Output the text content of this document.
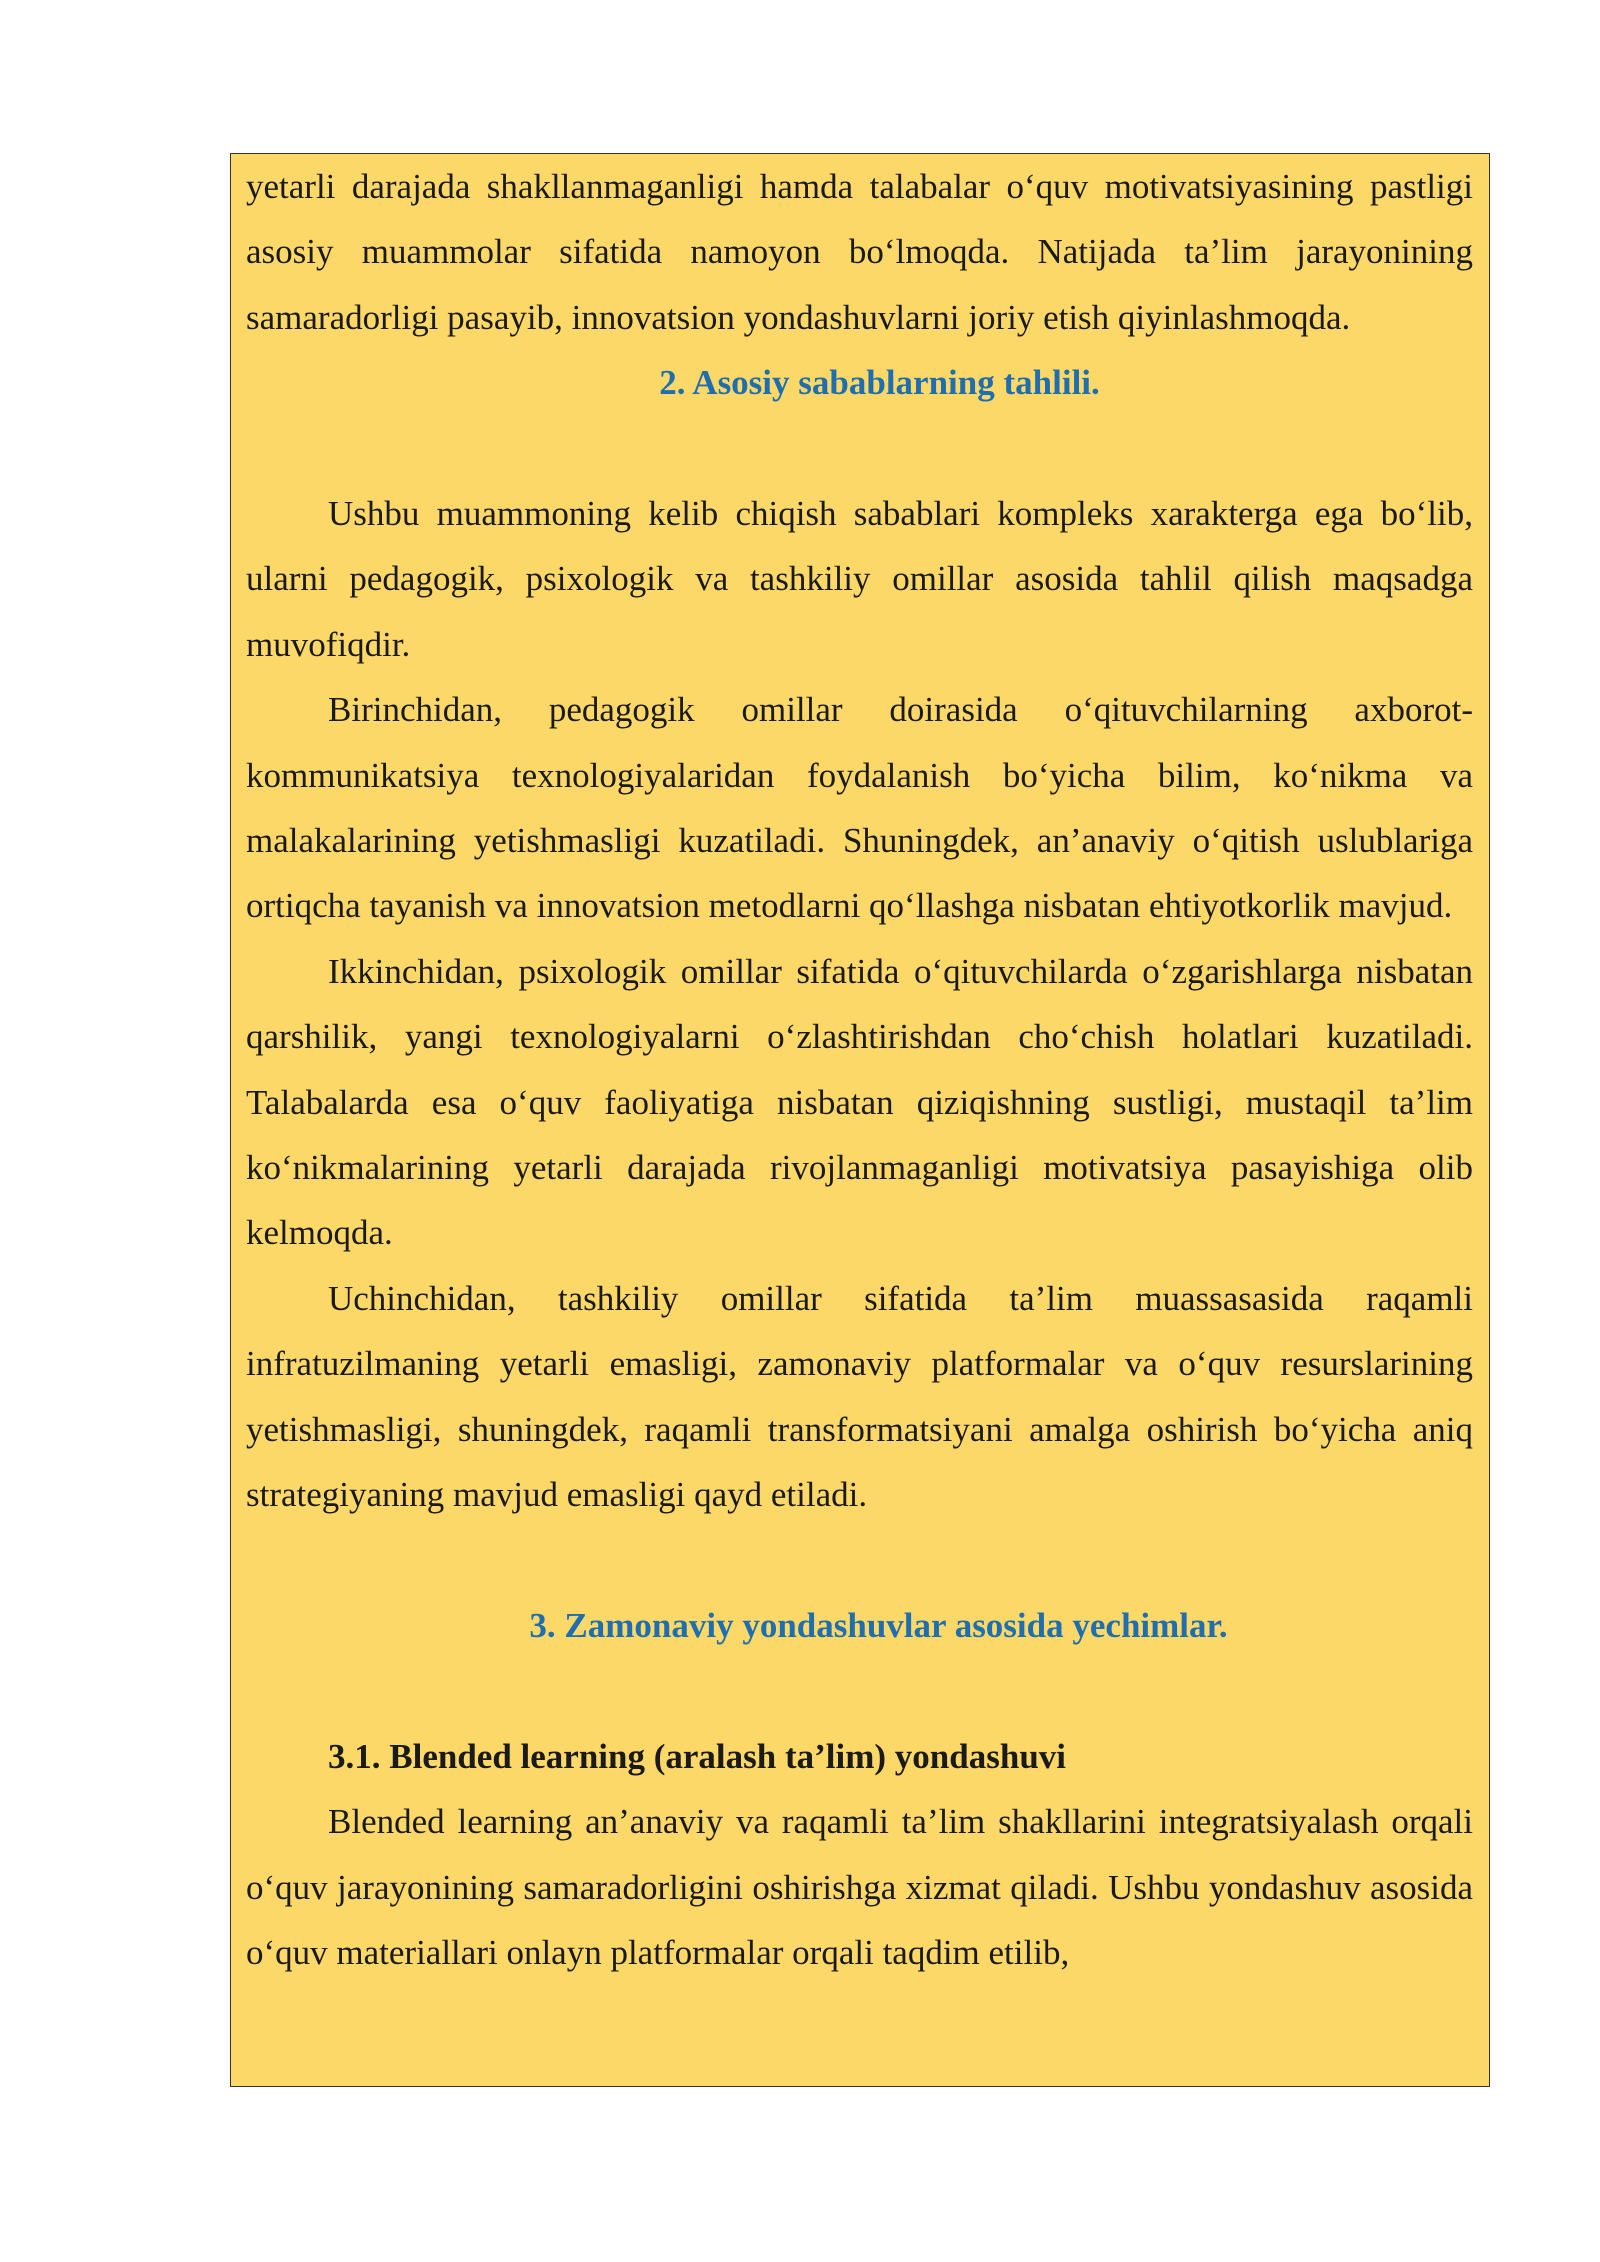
yetarli darajada shakllanmaganligi hamda talabalar o‘quv motivatsiyasining pastligi asosiy muammolar sifatida namoyon bo‘lmoqda. Natijada ta’lim jarayonining samaradorligi pasayib, innovatsion yondashuvlarni joriy etish qiyinlashmoqda.

2. Asosiy sabablarning tahlili.

Ushbu muammoning kelib chiqish sabablari kompleks xarakterga ega bo‘lib, ularni pedagogik, psixologik va tashkiliy omillar asosida tahlil qilish maqsadga muvofiqdir.

Birinchidan, pedagogik omillar doirasida o‘qituvchilarning axborot-kommunikatsiya texnologiyalaridan foydalanish bo‘yicha bilim, ko‘nikma va malakalarining yetishmasligi kuzatiladi. Shuningdek, an’anaviy o‘qitish uslublariga ortiqcha tayanish va innovatsion metodlarni qo‘llashga nisbatan ehtiyotkorlik mavjud.

Ikkinchidan, psixologik omillar sifatida o‘qituvchilarda o‘zgarishlarga nisbatan qarshilik, yangi texnologiyalarni o‘zlashtirishdan cho‘chish holatlari kuzatiladi. Talabalarda esa o‘quv faoliyatiga nisbatan qiziqishning sustligi, mustaqil ta’lim ko‘nikmalarining yetarli darajada rivojlanmaganligi motivatsiya pasayishiga olib kelmoqda.

Uchinchidan, tashkiliy omillar sifatida ta’lim muassasasida raqamli infratuzilmaning yetarli emasligi, zamonaviy platformalar va o‘quv resurslarining yetishmasligi, shuningdek, raqamli transformatsiyani amalga oshirish bo‘yicha aniq strategiyaning mavjud emasligi qayd etiladi.

3. Zamonaviy yondashuvlar asosida yechimlar.

3.1. Blended learning (aralash ta’lim) yondashuvi

Blended learning an’anaviy va raqamli ta’lim shakllarini integratsiyalash orqali o‘quv jarayonining samaradorligini oshirishga xizmat qiladi. Ushbu yondashuv asosida o‘quv materiallari onlayn platformalar orqali taqdim etilib,
